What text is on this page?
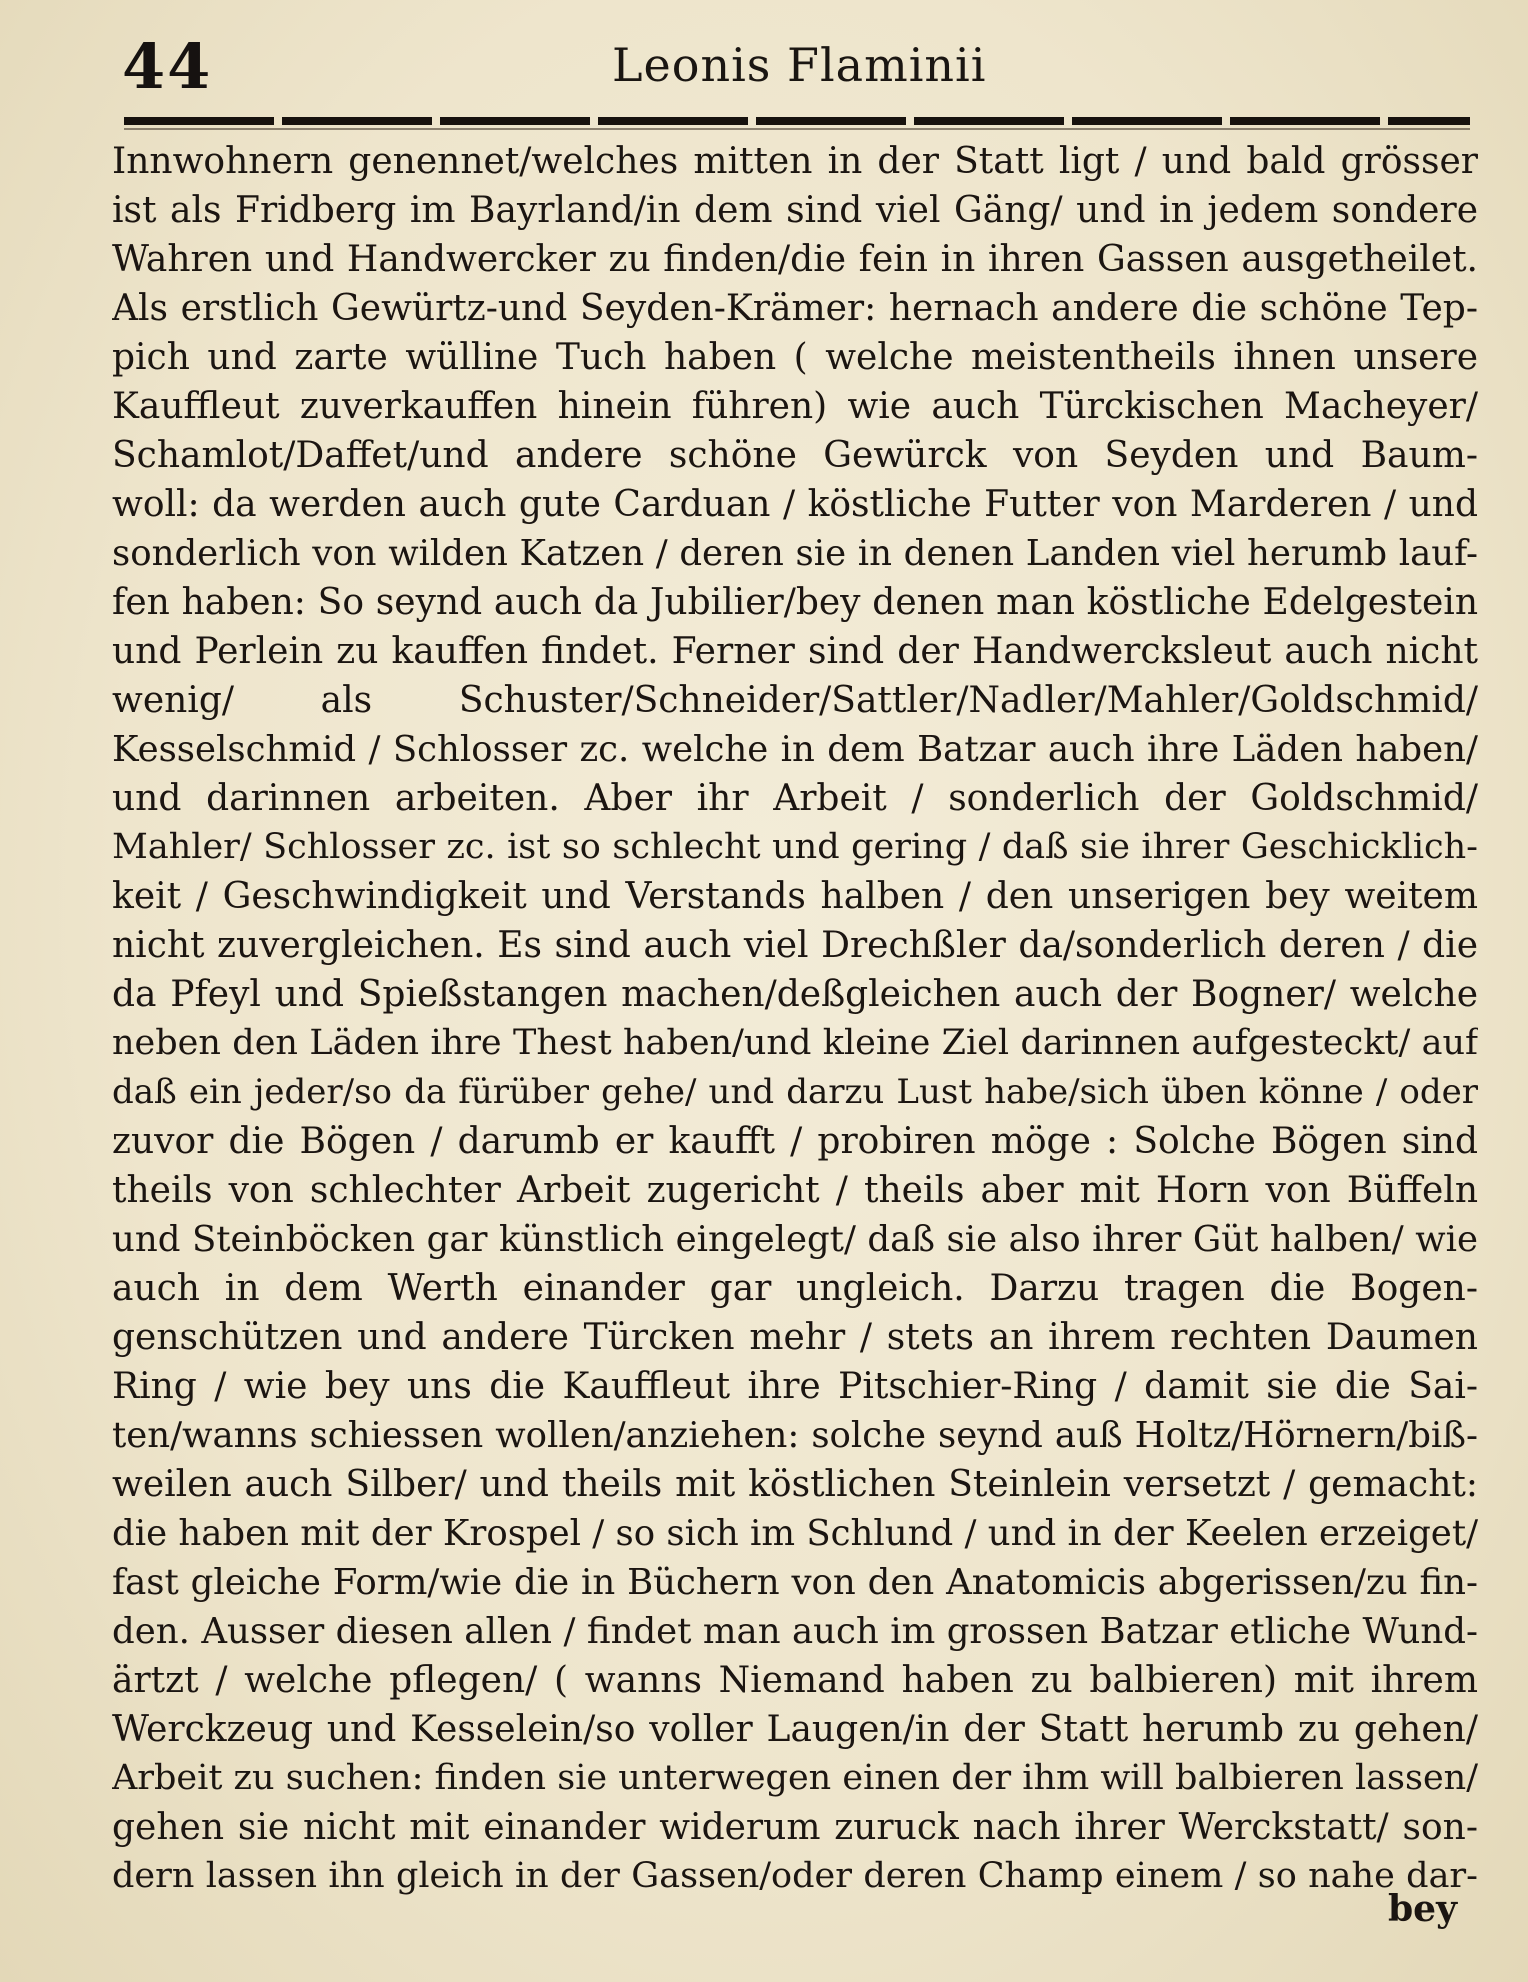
44	Leonis Flaminii
Innwohnern genennet/welches mitten in der Statt ligt / und bald grösser
ist als Fridberg im Bayrland/in dem sind viel Gäng/ und in jedem sondere
Wahren und Handwercker zu finden/die fein in ihren Gassen ausgetheilet.
Als erstlich Gewürtz-und Seyden-Krämer: hernach andere die schöne Tep-
pich und zarte wülline Tuch haben ( welche meistentheils ihnen unsere
Kauffleut zuverkauffen hinein führen) wie auch Türckischen Macheyer/
Schamlot/Daffet/und andere schöne Gewürck von Seyden und Baum-
woll: da werden auch gute Carduan / köstliche Futter von Marderen / und
sonderlich von wilden Katzen / deren sie in denen Landen viel herumb lauf-
fen haben: So seynd auch da Jubilier/bey denen man köstliche Edelgestein
und Perlein zu kauffen findet. Ferner sind der Handwercksleut auch nicht
wenig/ als Schuster/Schneider/Sattler/Nadler/Mahler/Goldschmid/
Kesselschmid / Schlosser zc. welche in dem Batzar auch ihre Läden haben/
und darinnen arbeiten. Aber ihr Arbeit / sonderlich der Goldschmid/
Mahler/ Schlosser zc. ist so schlecht und gering / daß sie ihrer Geschicklich-
keit / Geschwindigkeit und Verstands halben / den unserigen bey weitem
nicht zuvergleichen. Es sind auch viel Drechßler da/sonderlich deren / die
da Pfeyl und Spießstangen machen/deßgleichen auch der Bogner/ welche
neben den Läden ihre Thest haben/und kleine Ziel darinnen aufgesteckt/ auf
daß ein jeder/so da fürüber gehe/ und darzu Lust habe/sich üben könne / oder
zuvor die Bögen / darumb er kaufft / probiren möge : Solche Bögen sind
theils von schlechter Arbeit zugericht / theils aber mit Horn von Büffeln
und Steinböcken gar künstlich eingelegt/ daß sie also ihrer Güt halben/ wie
auch in dem Werth einander gar ungleich. Darzu tragen die Bogen-
genschützen und andere Türcken mehr / stets an ihrem rechten Daumen
Ring / wie bey uns die Kauffleut ihre Pitschier-Ring / damit sie die Sai-
ten/wanns schiessen wollen/anziehen: solche seynd auß Holtz/Hörnern/biß-
weilen auch Silber/ und theils mit köstlichen Steinlein versetzt / gemacht:
die haben mit der Krospel / so sich im Schlund / und in der Keelen erzeiget/
fast gleiche Form/wie die in Büchern von den Anatomicis abgerissen/zu fin-
den. Ausser diesen allen / findet man auch im grossen Batzar etliche Wund-
ärtzt / welche pflegen/ ( wanns Niemand haben zu balbieren) mit ihrem
Werckzeug und Kesselein/so voller Laugen/in der Statt herumb zu gehen/
Arbeit zu suchen: finden sie unterwegen einen der ihm will balbieren lassen/
gehen sie nicht mit einander widerum zuruck nach ihrer Werckstatt/ son-
dern lassen ihn gleich in der Gassen/oder deren Champ einem / so nahe dar-
bey
